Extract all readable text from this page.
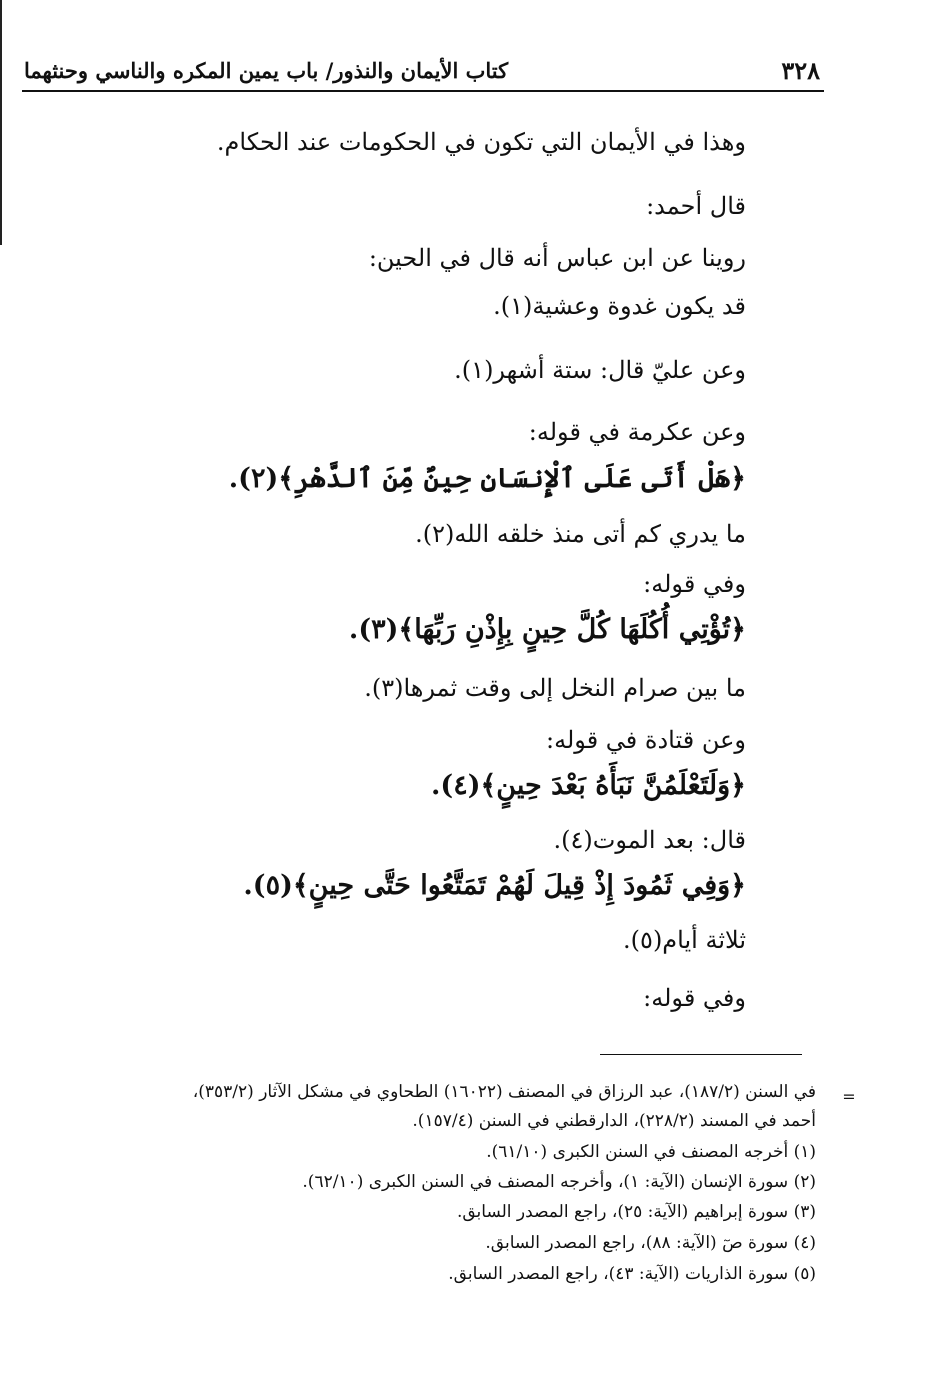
٣٢٨
كتاب الأيمان والنذور/ باب يمين المكره والناسي وحنثهما
وهذا في الأيمان التي تكون في الحكومات عند الحكام.
قال أحمد:
روينا عن ابن عباس أنه قال في الحين:
قد يكون غدوة وعشية(١).
وعن عليّ قال: ستة أشهر(١).
وعن عكرمة في قوله:
﴿هَلْ أَتَى عَلَى ٱلْإِنسَانِ حِينٌ مِّنَ ٱلدَّهْرِ﴾(٢).
ما يدري كم أتى منذ خلقه الله(٢).
وفي قوله:
﴿تُؤْتِي أُكُلَهَا كُلَّ حِينٍ بِإِذْنِ رَبِّهَا﴾(٣).
ما بين صرام النخل إلى وقت ثمرها(٣).
وعن قتادة في قوله:
﴿وَلَتَعْلَمُنَّ نَبَأَهُ بَعْدَ حِينٍ﴾(٤).
قال: بعد الموت(٤).
﴿وَفِي ثَمُودَ إِذْ قِيلَ لَهُمْ تَمَتَّعُوا حَتَّى حِينٍ﴾(٥).
ثلاثة أيام(٥).
وفي قوله:
=
في السنن (١٨٧/٢)، عبد الرزاق في المصنف (١٦٠٢٢) الطحاوي في مشكل الآثار (٣٥٣/٢)،
أحمد في المسند (٢٢٨/٢)، الدارقطني في السنن (١٥٧/٤).
(١) أخرجه المصنف في السنن الكبرى (٦١/١٠).
(٢) سورة الإنسان (الآية: ١)، وأخرجه المصنف في السنن الكبرى (٦٢/١٠).
(٣) سورة إبراهيم (الآية: ٢٥)، راجع المصدر السابق.
(٤) سورة صٓ (الآية: ٨٨)، راجع المصدر السابق.
(٥) سورة الذاريات (الآية: ٤٣)، راجع المصدر السابق.
